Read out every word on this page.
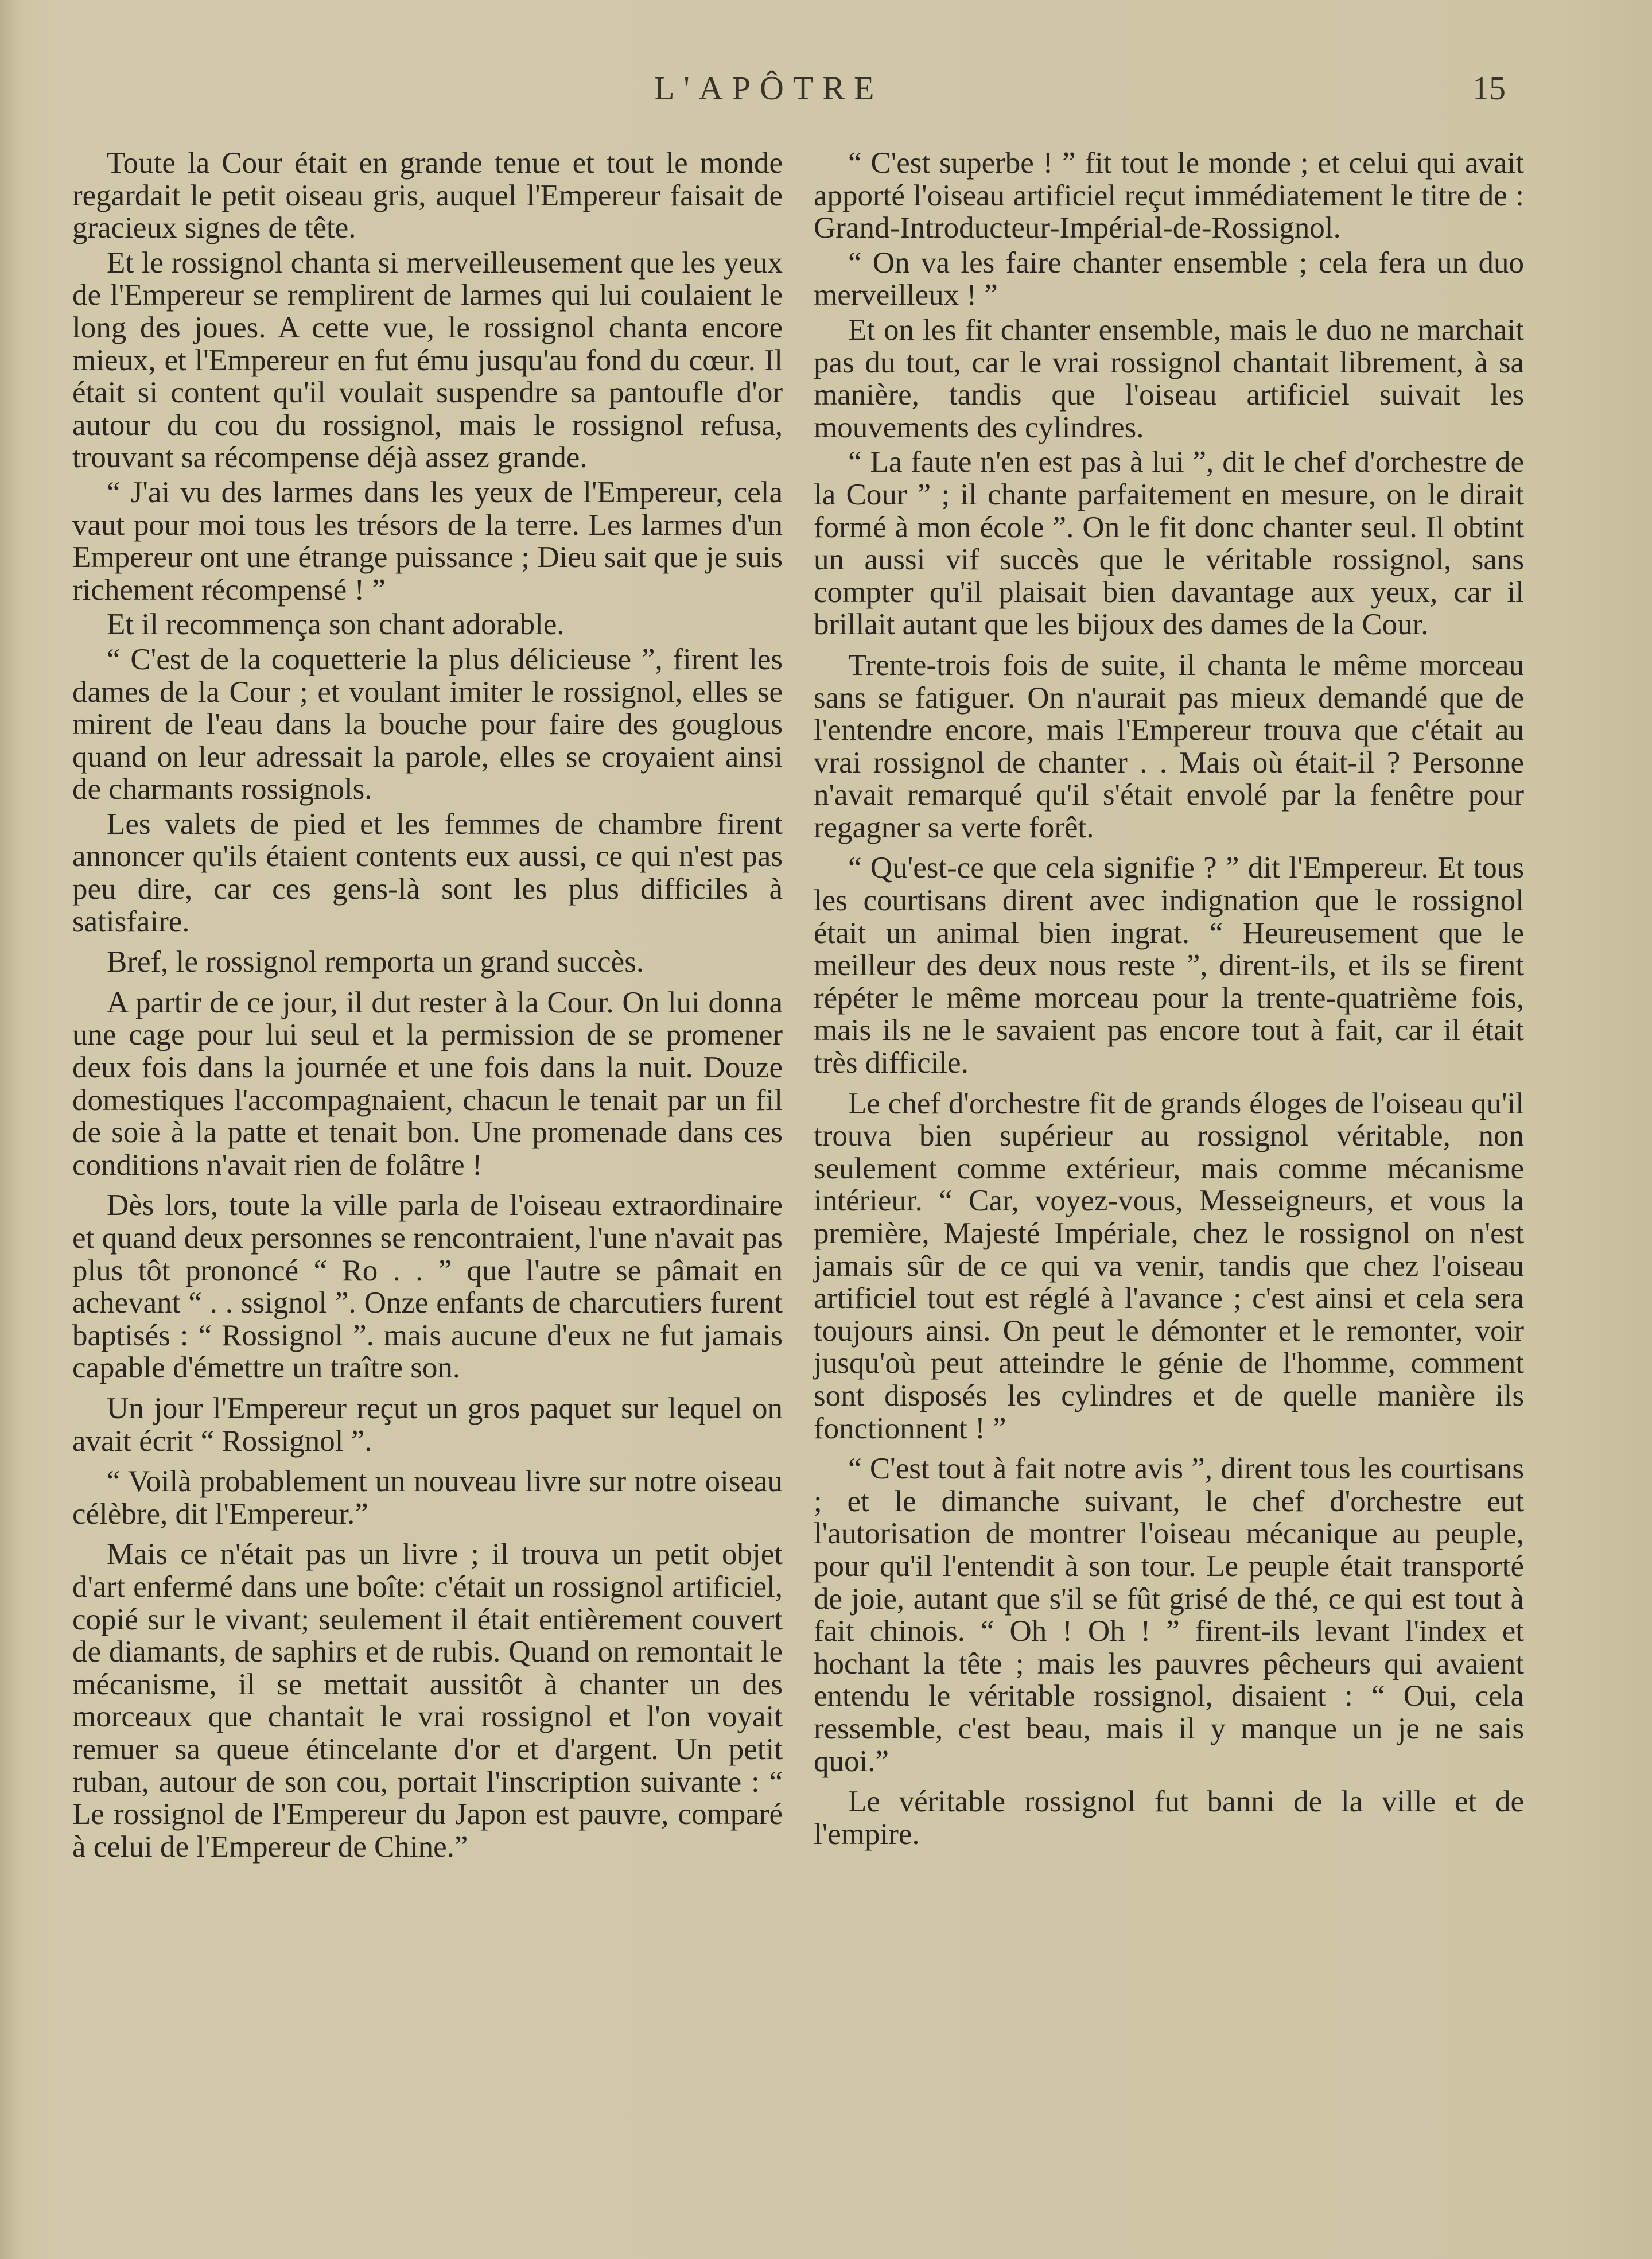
L'APÔTRE	15

Toute la Cour était en grande tenue et tout le monde regardait le petit oiseau gris, auquel l'Empereur faisait de gracieux signes de tête.

Et le rossignol chanta si merveilleusement que les yeux de l'Empereur se remplirent de larmes qui lui coulaient le long des joues. A cette vue, le rossignol chanta encore mieux, et l'Empereur en fut ému jusqu'au fond du cœur. Il était si content qu'il voulait suspendre sa pantoufle d'or autour du cou du rossignol, mais le rossignol refusa, trouvant sa récompense déjà assez grande.

“ J'ai vu des larmes dans les yeux de l'Empereur, cela vaut pour moi tous les trésors de la terre. Les larmes d'un Empereur ont une étrange puissance ; Dieu sait que je suis richement récompensé ! ”

Et il recommença son chant adorable.

“ C'est de la coquetterie la plus délicieuse ”, firent les dames de la Cour ; et voulant imiter le rossignol, elles se mirent de l'eau dans la bouche pour faire des gouglous quand on leur adressait la parole, elles se croyaient ainsi de charmants rossignols.

Les valets de pied et les femmes de chambre firent annoncer qu'ils étaient contents eux aussi, ce qui n'est pas peu dire, car ces gens-là sont les plus difficiles à satisfaire.

Bref, le rossignol remporta un grand succès.

A partir de ce jour, il dut rester à la Cour. On lui donna une cage pour lui seul et la permission de se promener deux fois dans la journée et une fois dans la nuit. Douze domestiques l'accompagnaient, chacun le tenait par un fil de soie à la patte et tenait bon. Une promenade dans ces conditions n'avait rien de folâtre !

Dès lors, toute la ville parla de l'oiseau extraordinaire et quand deux personnes se rencontraient, l'une n'avait pas plus tôt prononcé “ Ro . . ” que l'autre se pâmait en achevant “ . . ssignol ”. Onze enfants de charcutiers furent baptisés : “ Rossignol ”. mais aucune d'eux ne fut jamais capable d'émettre un traître son.

Un jour l'Empereur reçut un gros paquet sur lequel on avait écrit “ Rossignol ”.

“ Voilà probablement un nouveau livre sur notre oiseau célèbre, dit l'Empereur.”

Mais ce n'était pas un livre ; il trouva un petit objet d'art enfermé dans une boîte: c'était un rossignol artificiel, copié sur le vivant; seulement il était entièrement couvert de diamants, de saphirs et de rubis. Quand on remontait le mécanisme, il se mettait aussitôt à chanter un des morceaux que chantait le vrai rossignol et l'on voyait remuer sa queue étincelante d'or et d'argent. Un petit ruban, autour de son cou, portait l'inscription suivante : “ Le rossignol de l'Empereur du Japon est pauvre, comparé à celui de l'Empereur de Chine.”

“ C'est superbe ! ” fit tout le monde ; et celui qui avait apporté l'oiseau artificiel reçut immédiatement le titre de : Grand-Introducteur-Impérial-de-Rossignol.

“ On va les faire chanter ensemble ; cela fera un duo merveilleux ! ”

Et on les fit chanter ensemble, mais le duo ne marchait pas du tout, car le vrai rossignol chantait librement, à sa manière, tandis que l'oiseau artificiel suivait les mouvements des cylindres.

“ La faute n'en est pas à lui ”, dit le chef d'orchestre de la Cour ” ; il chante parfaitement en mesure, on le dirait formé à mon école ”. On le fit donc chanter seul. Il obtint un aussi vif succès que le véritable rossignol, sans compter qu'il plaisait bien davantage aux yeux, car il brillait autant que les bijoux des dames de la Cour.

Trente-trois fois de suite, il chanta le même morceau sans se fatiguer. On n'aurait pas mieux demandé que de l'entendre encore, mais l'Empereur trouva que c'était au vrai rossignol de chanter . . Mais où était-il ? Personne n'avait remarqué qu'il s'était envolé par la fenêtre pour regagner sa verte forêt.

“ Qu'est-ce que cela signifie ? ” dit l'Empereur. Et tous les courtisans dirent avec indignation que le rossignol était un animal bien ingrat. “ Heureusement que le meilleur des deux nous reste ”, dirent-ils, et ils se firent répéter le même morceau pour la trente-quatrième fois, mais ils ne le savaient pas encore tout à fait, car il était très difficile.

Le chef d'orchestre fit de grands éloges de l'oiseau qu'il trouva bien supérieur au rossignol véritable, non seulement comme extérieur, mais comme mécanisme intérieur. “ Car, voyez-vous, Messeigneurs, et vous la première, Majesté Impériale, chez le rossignol on n'est jamais sûr de ce qui va venir, tandis que chez l'oiseau artificiel tout est réglé à l'avance ; c'est ainsi et cela sera toujours ainsi. On peut le démonter et le remonter, voir jusqu'où peut atteindre le génie de l'homme, comment sont disposés les cylindres et de quelle manière ils fonctionnent ! ”

“ C'est tout à fait notre avis ”, dirent tous les courtisans ; et le dimanche suivant, le chef d'orchestre eut l'autorisation de montrer l'oiseau mécanique au peuple, pour qu'il l'entendit à son tour. Le peuple était transporté de joie, autant que s'il se fût grisé de thé, ce qui est tout à fait chinois. “ Oh ! Oh ! ” firent-ils levant l'index et hochant la tête ; mais les pauvres pêcheurs qui avaient entendu le véritable rossignol, disaient : “ Oui, cela ressemble, c'est beau, mais il y manque un je ne sais quoi.”

Le véritable rossignol fut banni de la ville et de l'empire.
